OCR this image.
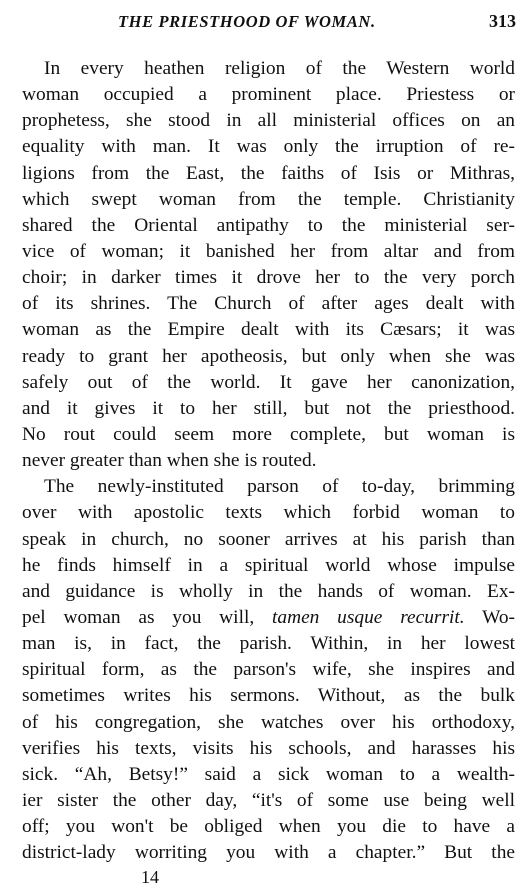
THE PRIESTHOOD OF WOMAN.	313
In every heathen religion of the Western world
woman occupied a prominent place. Priestess or
prophetess, she stood in all ministerial offices on an
equality with man. It was only the irruption of re-
ligions from the East, the faiths of Isis or Mithras,
which swept woman from the temple. Christianity
shared the Oriental antipathy to the ministerial ser-
vice of woman; it banished her from altar and from
choir; in darker times it drove her to the very porch
of its shrines. The Church of after ages dealt with
woman as the Empire dealt with its Cæsars; it was
ready to grant her apotheosis, but only when she was
safely out of the world. It gave her canonization,
and it gives it to her still, but not the priesthood.
No rout could seem more complete, but woman is
never greater than when she is routed.
The newly-instituted parson of to-day, brimming
over with apostolic texts which forbid woman to
speak in church, no sooner arrives at his parish than
he finds himself in a spiritual world whose impulse
and guidance is wholly in the hands of woman. Ex-
pel woman as you will, tamen usque recurrit. Wo-
man is, in fact, the parish. Within, in her lowest
spiritual form, as the parson's wife, she inspires and
sometimes writes his sermons. Without, as the bulk
of his congregation, she watches over his orthodoxy,
verifies his texts, visits his schools, and harasses his
sick. “Ah, Betsy!” said a sick woman to a wealth-
ier sister the other day, “it's of some use being well
off; you won't be obliged when you die to have a
district-lady worriting you with a chapter.” But the
14
